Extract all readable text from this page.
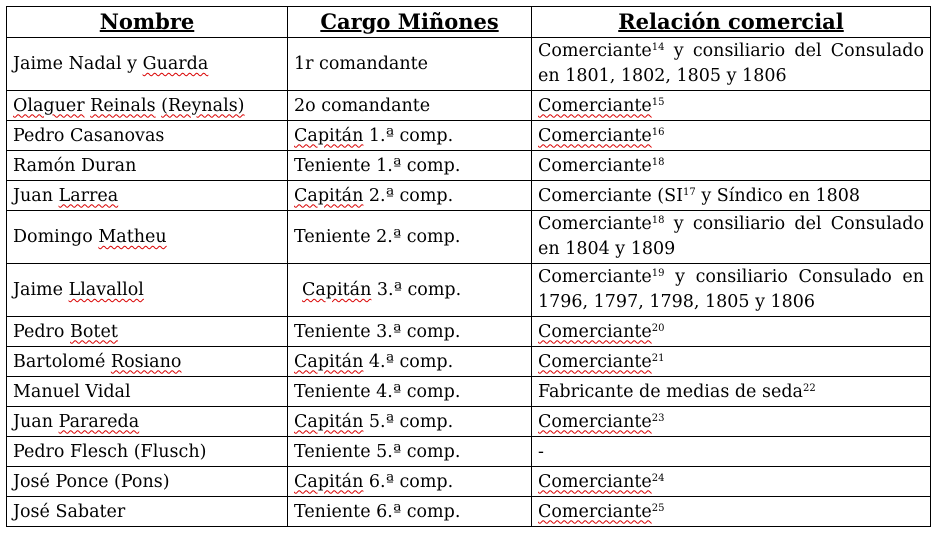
Nombre	Cargo Miñones	Relación comercial
Jaime Nadal y Guarda	1r comandante	Comerciante$^{14}$ y consiliario del Consulado en 1801, 1802, 1805 y 1806
Olaguer Reinals (Reynals)	2o comandante	Comerciante$^{15}$
Pedro Casanovas	Capitán 1.ª comp.	Comerciante$^{16}$
Ramón Duran	Teniente 1.ª comp.	Comerciante$^{18}$
Juan Larrea	Capitán 2.ª comp.	Comerciante (SI$^{17}$ y Síndico en 1808
Domingo Matheu	Teniente 2.ª comp.	Comerciante$^{18}$ y consiliario del Consulado en 1804 y 1809
Jaime Llavallol	Capitán 3.ª comp.	Comerciante$^{19}$ y consiliario Consulado en 1796, 1797, 1798, 1805 y 1806
Pedro Botet	Teniente 3.ª comp.	Comerciante$^{20}$
Bartolomé Rosiano	Capitán 4.ª comp.	Comerciante$^{21}$
Manuel Vidal	Teniente 4.ª comp.	Fabricante de medias de seda$^{22}$
Juan Parareda	Capitán 5.ª comp.	Comerciante$^{23}$
Pedro Flesch (Flusch)	Teniente 5.ª comp.	-
José Ponce (Pons)	Capitán 6.ª comp.	Comerciante$^{24}$
José Sabater	Teniente 6.ª comp.	Comerciante$^{25}$
